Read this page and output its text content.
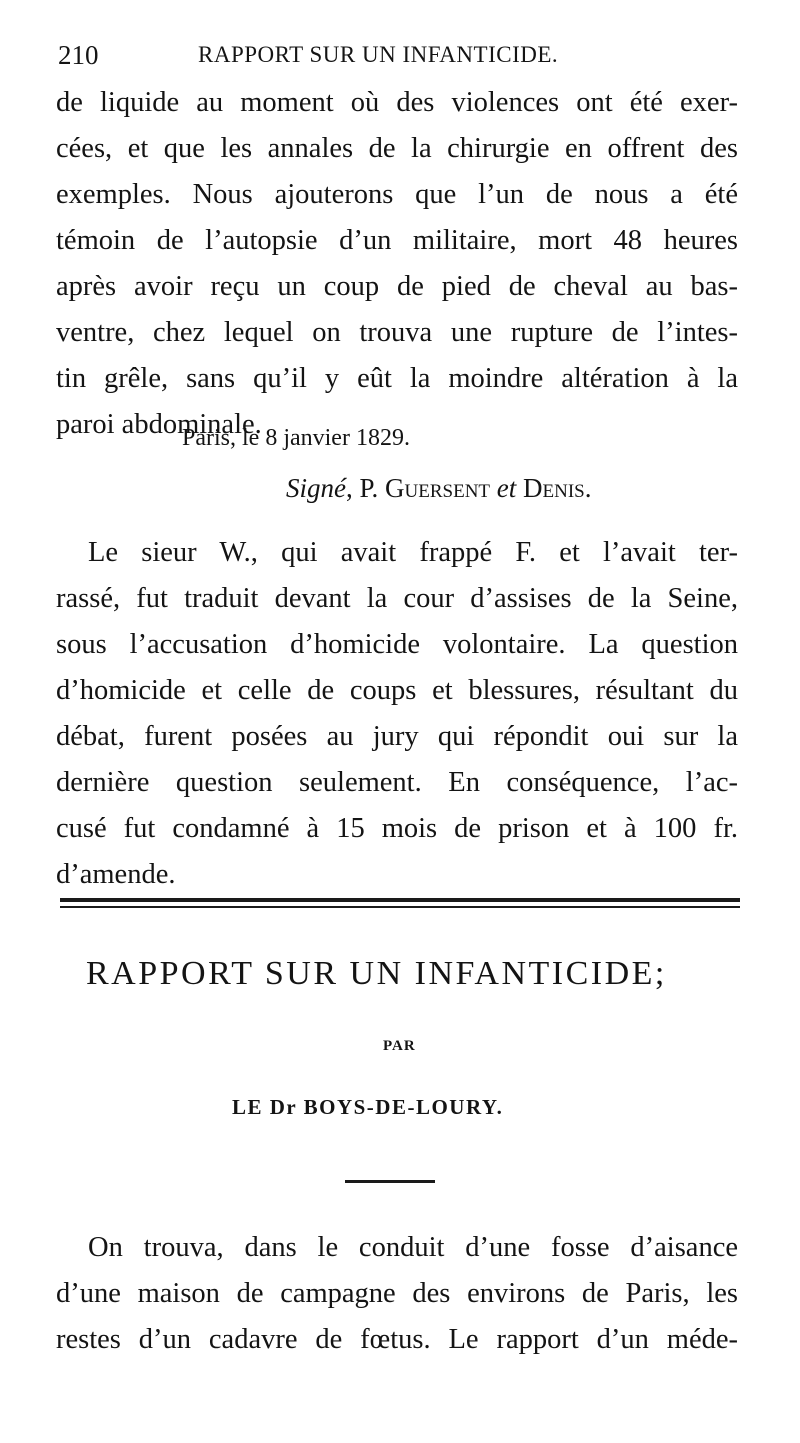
210	RAPPORT SUR UN INFANTICIDE.
de liquide au moment où des violences ont été exer-
cées, et que les annales de la chirurgie en offrent des
exemples. Nous ajouterons que l’un de nous a été
témoin de l’autopsie d’un militaire, mort 48 heures
après avoir reçu un coup de pied de cheval au bas-
ventre, chez lequel on trouva une rupture de l’intes-
tin grêle, sans qu’il y eût la moindre altération à la
paroi abdominale.
Paris, le 8 janvier 1829.
Signé, P. Guersent et Denis.
Le sieur W., qui avait frappé F. et l’avait ter-
rassé, fut traduit devant la cour d’assises de la Seine,
sous l’accusation d’homicide volontaire. La question
d’homicide et celle de coups et blessures, résultant du
débat, furent posées au jury qui répondit oui sur la
dernière question seulement. En conséquence, l’ac-
cusé fut condamné à 15 mois de prison et à 100 fr.
d’amende.
RAPPORT SUR UN INFANTICIDE;
PAR
LE Dr BOYS-DE-LOURY.
On trouva, dans le conduit d’une fosse d’aisance
d’une maison de campagne des environs de Paris, les
restes d’un cadavre de fœtus. Le rapport d’un méde-
